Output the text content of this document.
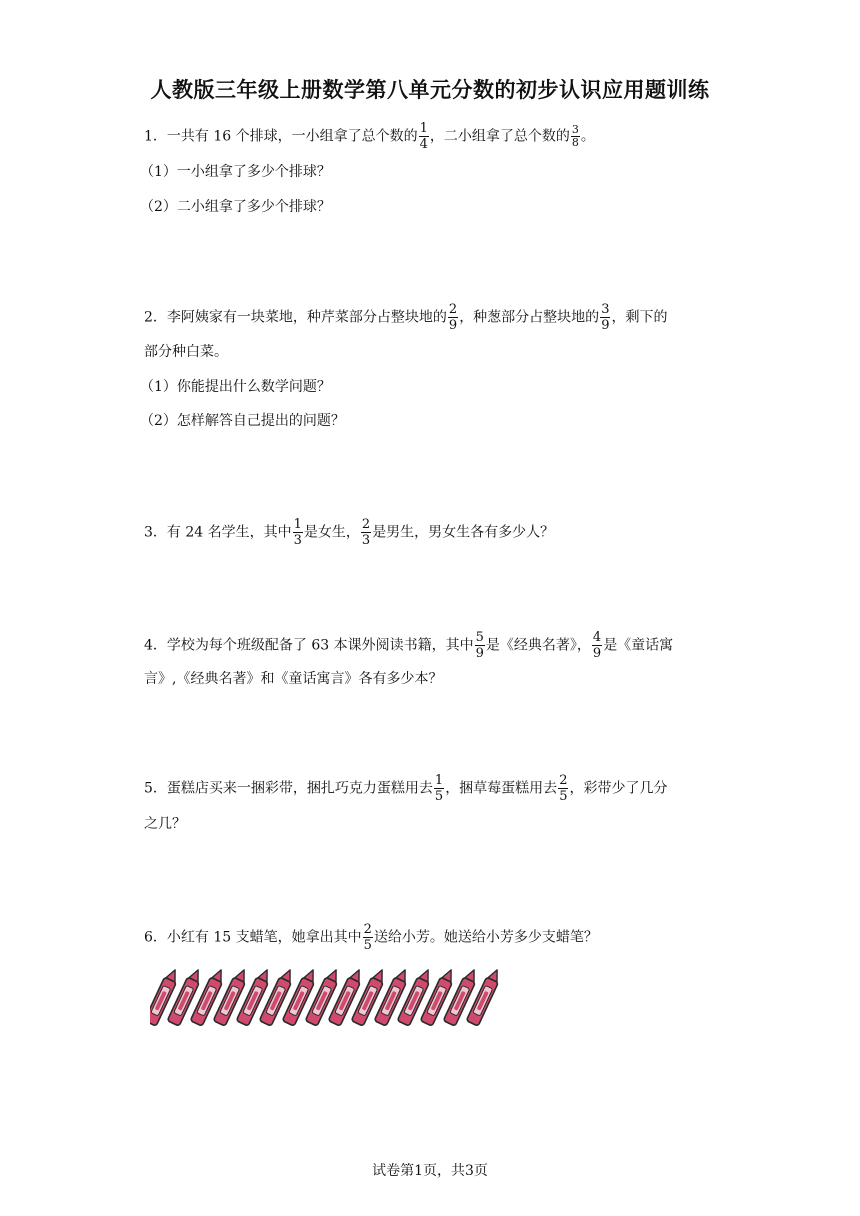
人教版三年级上册数学第八单元分数的初步认识应用题训练
1．一共有 16 个排球，一小组拿了总个数的 $\frac{1}{4}$ ，二小组拿了总个数的 $\frac{3}{8}$ 。
（1）一小组拿了多少个排球？
（2）二小组拿了多少个排球？
2．李阿姨家有一块菜地，种芹菜部分占整块地的 $\frac{2}{9}$ ，种葱部分占整块地的 $\frac{3}{9}$ ，剩下的
部分种白菜。
（1）你能提出什么数学问题？
（2）怎样解答自己提出的问题？
3．有 24 名学生，其中 $\frac{1}{3}$ 是女生， $\frac{2}{3}$ 是男生，男女生各有多少人？
4．学校为每个班级配备了 63 本课外阅读书籍，其中 $\frac{5}{9}$ 是《经典名著》， $\frac{4}{9}$ 是《童话寓
言》,《经典名著》和《童话寓言》各有多少本？
5．蛋糕店买来一捆彩带，捆扎巧克力蛋糕用去 $\frac{1}{5}$ ，捆草莓蛋糕用去 $\frac{2}{5}$ ，彩带少了几分
之几？
6．小红有 15 支蜡笔，她拿出其中 $\frac{2}{5}$ 送给小芳。她送给小芳多少支蜡笔？
试卷第1页，共3页
